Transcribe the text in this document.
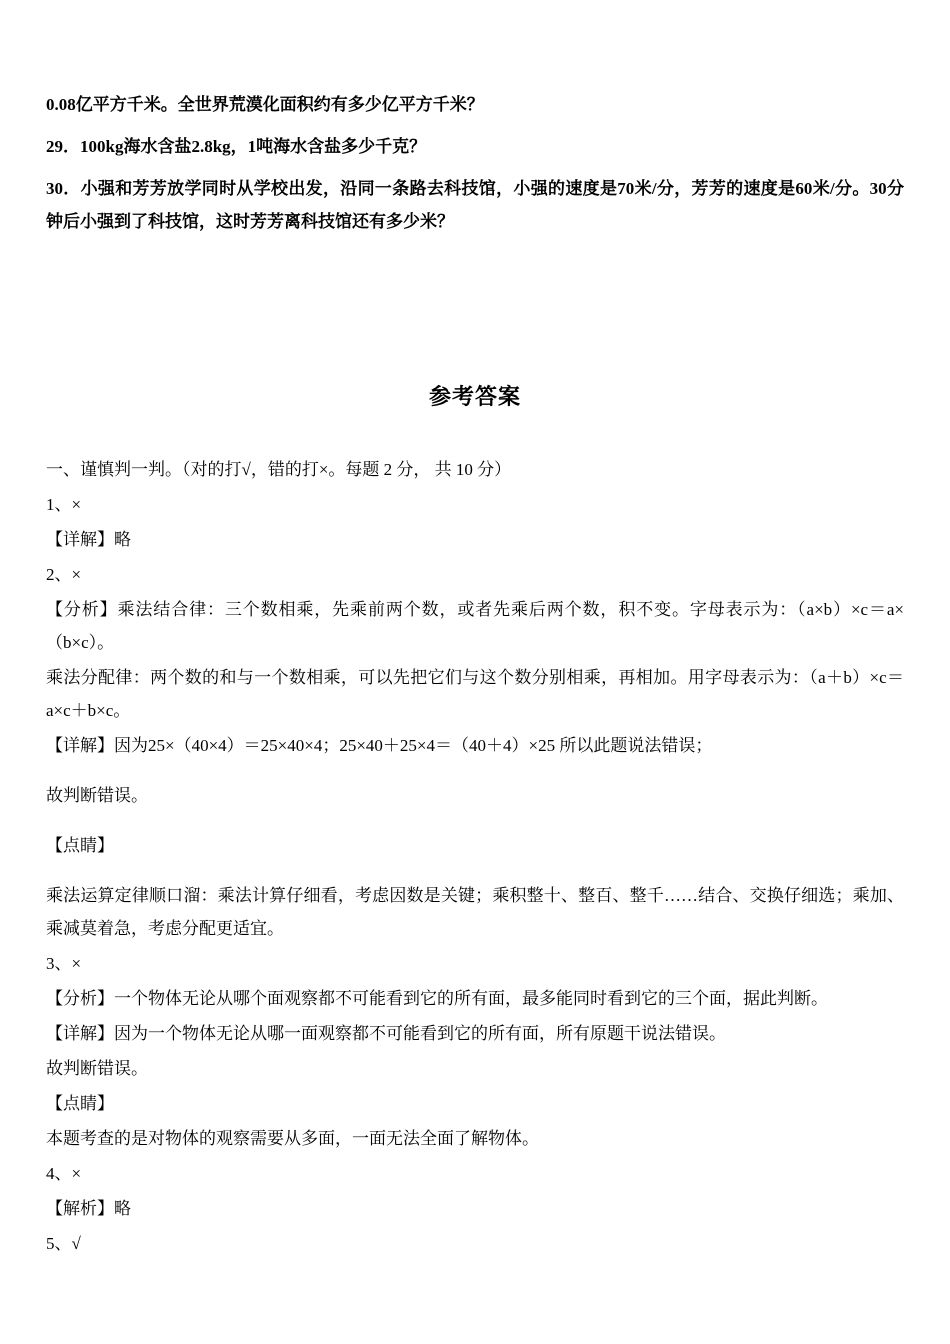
0.08亿平方千米。全世界荒漠化面积约有多少亿平方千米？

29．100kg海水含盐2.8kg，1吨海水含盐多少千克？

30．小强和芳芳放学同时从学校出发，沿同一条路去科技馆，小强的速度是70米/分，芳芳的速度是60米/分。30分钟后小强到了科技馆，这时芳芳离科技馆还有多少米？

参考答案

一、谨慎判一判。（对的打√，错的打×。每题 2 分， 共 10 分）

1、×

【详解】略

2、×

【分析】乘法结合律：三个数相乘，先乘前两个数，或者先乘后两个数，积不变。字母表示为：（a×b）×c＝a×（b×c）。

乘法分配律：两个数的和与一个数相乘，可以先把它们与这个数分别相乘，再相加。用字母表示为：（a＋b）×c＝a×c＋b×c。

【详解】因为25×（40×4）＝25×40×4；25×40＋25×4＝（40＋4）×25 所以此题说法错误；

故判断错误。

【点睛】

乘法运算定律顺口溜：乘法计算仔细看，考虑因数是关键；乘积整十、整百、整千……结合、交换仔细选；乘加、乘减莫着急，考虑分配更适宜。

3、×

【分析】一个物体无论从哪个面观察都不可能看到它的所有面，最多能同时看到它的三个面，据此判断。

【详解】因为一个物体无论从哪一面观察都不可能看到它的所有面，所有原题干说法错误。

故判断错误。

【点睛】

本题考查的是对物体的观察需要从多面，一面无法全面了解物体。

4、×

【解析】略

5、√
